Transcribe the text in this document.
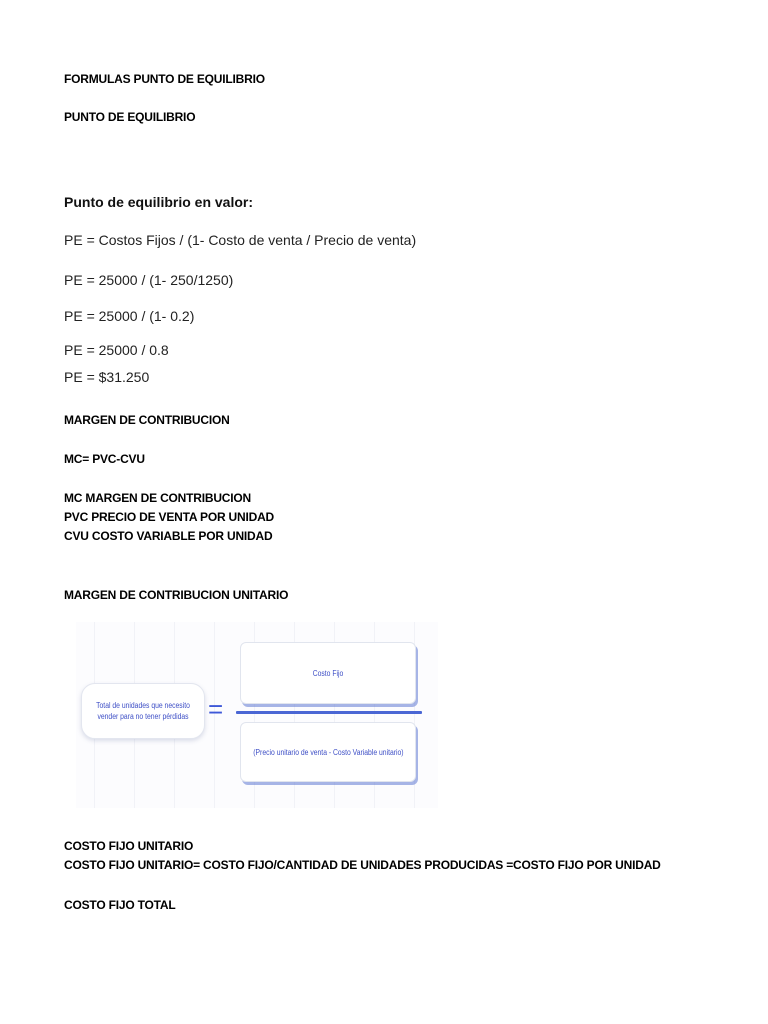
FORMULAS PUNTO DE EQUILIBRIO
PUNTO DE EQUILIBRIO
Punto de equilibrio en valor:
PE = Costos Fijos / (1- Costo de venta / Precio de venta)
PE = 25000 / (1- 250/1250)
PE = 25000 / (1- 0.2)
PE = 25000 / 0.8
PE = $31.250
MARGEN DE CONTRIBUCION
MC= PVC-CVU
MC MARGEN DE CONTRIBUCION
PVC PRECIO DE VENTA POR UNIDAD
CVU COSTO VARIABLE POR UNIDAD
MARGEN DE CONTRIBUCION UNITARIO
Total de unidades que necesito vender para no tener pérdidas =
Costo Fijo
(Precio unitario de venta - Costo Variable unitario)
COSTO FIJO UNITARIO
COSTO FIJO UNITARIO= COSTO FIJO/CANTIDAD DE UNIDADES PRODUCIDAS =COSTO FIJO POR UNIDAD
COSTO FIJO TOTAL
